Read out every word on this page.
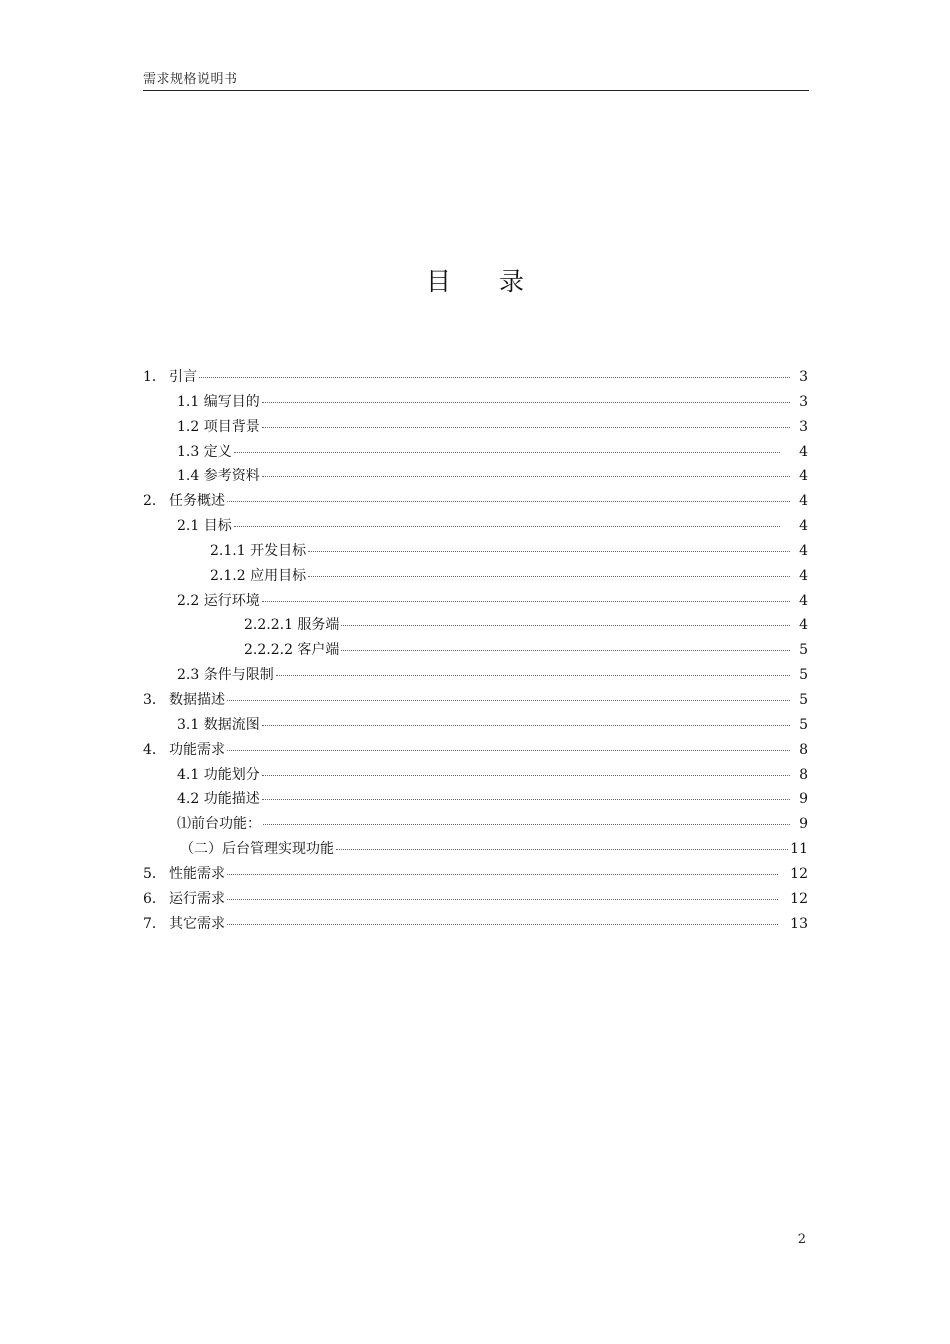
需求规格说明书
目 录
1． 引言	3
1.1 编写目的	3
1.2 项目背景	3
1.3 定义	4
1.4 参考资料	4
2． 任务概述	4
2.1 目标	4
2.1.1 开发目标	4
2.1.2 应用目标	4
2.2 运行环境	4
2.2.2.1 服务端	4
2.2.2.2 客户端	5
2.3 条件与限制	5
3． 数据描述	5
3.1 数据流图	5
4． 功能需求	8
4.1 功能划分	8
4.2 功能描述	9
⑴前台功能：	9
（二）后台管理实现功能	11
5． 性能需求	12
6． 运行需求	12
7． 其它需求	13
2
